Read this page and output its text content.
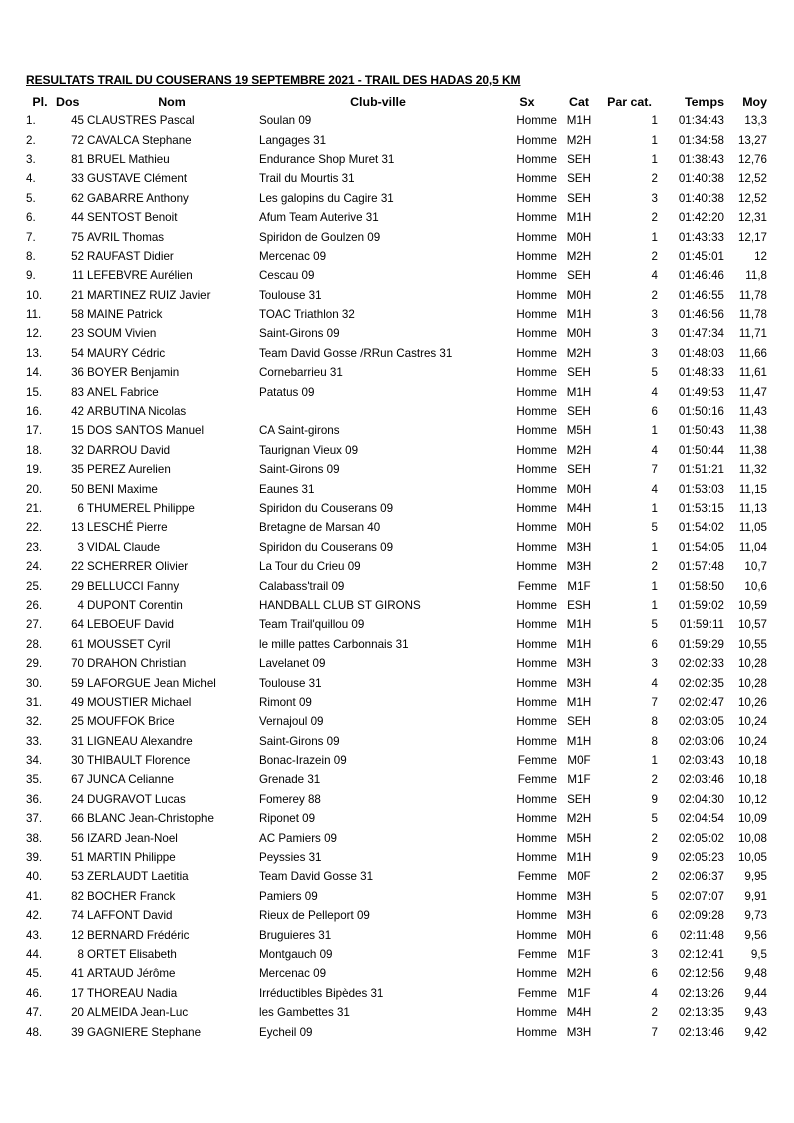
RESULTATS TRAIL DU COUSERANS 19 SEPTEMBRE 2021 - TRAIL DES HADAS 20,5 KM
Pl.	Dos	Nom	Club-ville	Sx	Cat	Par cat.	Temps	Moy
1.	45	CLAUSTRES Pascal	Soulan 09	Homme	M1H	1	01:34:43	13,3
2.	72	CAVALCA Stephane	Langages 31	Homme	M2H	1	01:34:58	13,27
3.	81	BRUEL Mathieu	Endurance Shop Muret 31	Homme	SEH	1	01:38:43	12,76
4.	33	GUSTAVE Clément	Trail du Mourtis 31	Homme	SEH	2	01:40:38	12,52
5.	62	GABARRE Anthony	Les galopins du Cagire 31	Homme	SEH	3	01:40:38	12,52
6.	44	SENTOST Benoit	Afum Team Auterive 31	Homme	M1H	2	01:42:20	12,31
7.	75	AVRIL Thomas	Spiridon de Goulzen 09	Homme	M0H	1	01:43:33	12,17
8.	52	RAUFAST Didier	Mercenac 09	Homme	M2H	2	01:45:01	12
9.	11	LEFEBVRE Aurélien	Cescau 09	Homme	SEH	4	01:46:46	11,8
10.	21	MARTINEZ RUIZ Javier	Toulouse 31	Homme	M0H	2	01:46:55	11,78
11.	58	MAINE Patrick	TOAC Triathlon 32	Homme	M1H	3	01:46:56	11,78
12.	23	SOUM Vivien	Saint-Girons 09	Homme	M0H	3	01:47:34	11,71
13.	54	MAURY Cédric	Team David Gosse /RRun Castres 31	Homme	M2H	3	01:48:03	11,66
14.	36	BOYER Benjamin	Cornebarrieu 31	Homme	SEH	5	01:48:33	11,61
15.	83	ANEL Fabrice	Patatus 09	Homme	M1H	4	01:49:53	11,47
16.	42	ARBUTINA Nicolas		Homme	SEH	6	01:50:16	11,43
17.	15	DOS SANTOS Manuel	CA Saint-girons	Homme	M5H	1	01:50:43	11,38
18.	32	DARROU David	Taurignan Vieux 09	Homme	M2H	4	01:50:44	11,38
19.	35	PEREZ Aurelien	Saint-Girons 09	Homme	SEH	7	01:51:21	11,32
20.	50	BENI Maxime	Eaunes 31	Homme	M0H	4	01:53:03	11,15
21.	6	THUMEREL Philippe	Spiridon du Couserans 09	Homme	M4H	1	01:53:15	11,13
22.	13	LESCHÉ Pierre	Bretagne de Marsan 40	Homme	M0H	5	01:54:02	11,05
23.	3	VIDAL Claude	Spiridon du Couserans 09	Homme	M3H	1	01:54:05	11,04
24.	22	SCHERRER Olivier	La Tour du Crieu 09	Homme	M3H	2	01:57:48	10,7
25.	29	BELLUCCI Fanny	Calabass'trail 09	Femme	M1F	1	01:58:50	10,6
26.	4	DUPONT Corentin	HANDBALL CLUB ST GIRONS	Homme	ESH	1	01:59:02	10,59
27.	64	LEBOEUF David	Team Trail'quillou 09	Homme	M1H	5	01:59:11	10,57
28.	61	MOUSSET Cyril	le mille pattes Carbonnais 31	Homme	M1H	6	01:59:29	10,55
29.	70	DRAHON Christian	Lavelanet 09	Homme	M3H	3	02:02:33	10,28
30.	59	LAFORGUE Jean Michel	Toulouse 31	Homme	M3H	4	02:02:35	10,28
31.	49	MOUSTIER Michael	Rimont 09	Homme	M1H	7	02:02:47	10,26
32.	25	MOUFFOK Brice	Vernajoul 09	Homme	SEH	8	02:03:05	10,24
33.	31	LIGNEAU Alexandre	Saint-Girons 09	Homme	M1H	8	02:03:06	10,24
34.	30	THIBAULT Florence	Bonac-Irazein 09	Femme	M0F	1	02:03:43	10,18
35.	67	JUNCA Celianne	Grenade 31	Femme	M1F	2	02:03:46	10,18
36.	24	DUGRAVOT Lucas	Fomerey 88	Homme	SEH	9	02:04:30	10,12
37.	66	BLANC Jean-Christophe	Riponet 09	Homme	M2H	5	02:04:54	10,09
38.	56	IZARD Jean-Noel	AC Pamiers 09	Homme	M5H	2	02:05:02	10,08
39.	51	MARTIN Philippe	Peyssies 31	Homme	M1H	9	02:05:23	10,05
40.	53	ZERLAUDT Laetitia	Team David Gosse 31	Femme	M0F	2	02:06:37	9,95
41.	82	BOCHER Franck	Pamiers 09	Homme	M3H	5	02:07:07	9,91
42.	74	LAFFONT David	Rieux de Pelleport 09	Homme	M3H	6	02:09:28	9,73
43.	12	BERNARD Frédéric	Bruguieres 31	Homme	M0H	6	02:11:48	9,56
44.	8	ORTET Elisabeth	Montgauch 09	Femme	M1F	3	02:12:41	9,5
45.	41	ARTAUD Jérôme	Mercenac 09	Homme	M2H	6	02:12:56	9,48
46.	17	THOREAU Nadia	Irréductibles Bipèdes 31	Femme	M1F	4	02:13:26	9,44
47.	20	ALMEIDA Jean-Luc	les Gambettes 31	Homme	M4H	2	02:13:35	9,43
48.	39	GAGNIERE Stephane	Eycheil 09	Homme	M3H	7	02:13:46	9,42
